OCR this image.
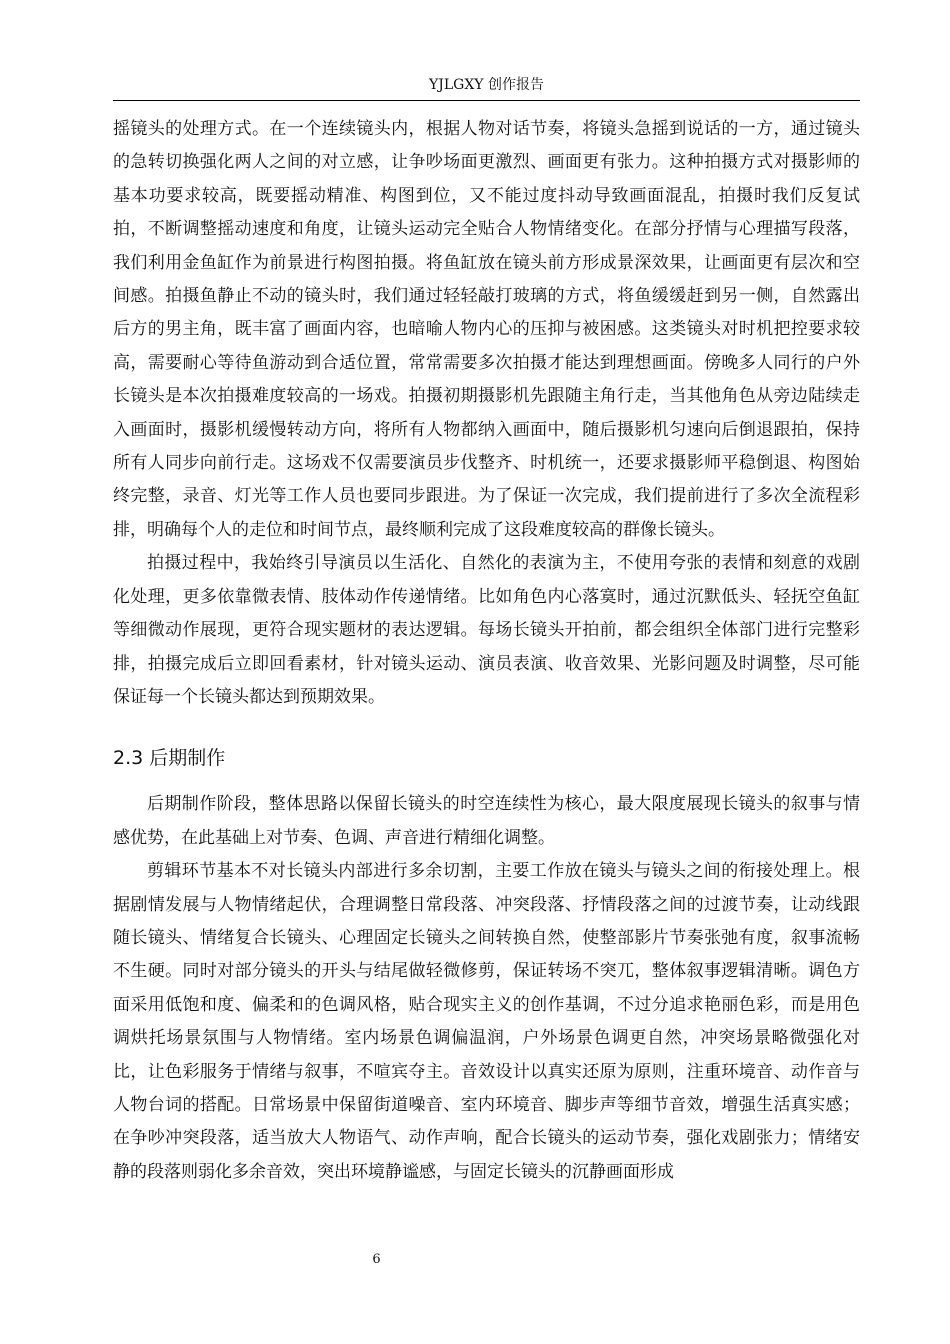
YJLGXY 创作报告

摇镜头的处理方式。在一个连续镜头内，根据人物对话节奏，将镜头急摇到说话的一方，通过镜头的急转切换强化两人之间的对立感，让争吵场面更激烈、画面更有张力。这种拍摄方式对摄影师的基本功要求较高，既要摇动精准、构图到位，又不能过度抖动导致画面混乱，拍摄时我们反复试拍，不断调整摇动速度和角度，让镜头运动完全贴合人物情绪变化。在部分抒情与心理描写段落，我们利用金鱼缸作为前景进行构图拍摄。将鱼缸放在镜头前方形成景深效果，让画面更有层次和空间感。拍摄鱼静止不动的镜头时，我们通过轻轻敲打玻璃的方式，将鱼缓缓赶到另一侧，自然露出后方的男主角，既丰富了画面内容，也暗喻人物内心的压抑与被困感。这类镜头对时机把控要求较高，需要耐心等待鱼游动到合适位置，常常需要多次拍摄才能达到理想画面。傍晚多人同行的户外长镜头是本次拍摄难度较高的一场戏。拍摄初期摄影机先跟随主角行走，当其他角色从旁边陆续走入画面时，摄影机缓慢转动方向，将所有人物都纳入画面中，随后摄影机匀速向后倒退跟拍，保持所有人同步向前行走。这场戏不仅需要演员步伐整齐、时机统一，还要求摄影师平稳倒退、构图始终完整，录音、灯光等工作人员也要同步跟进。为了保证一次完成，我们提前进行了多次全流程彩排，明确每个人的走位和时间节点，最终顺利完成了这段难度较高的群像长镜头。

拍摄过程中，我始终引导演员以生活化、自然化的表演为主，不使用夸张的表情和刻意的戏剧化处理，更多依靠微表情、肢体动作传递情绪。比如角色内心落寞时，通过沉默低头、轻抚空鱼缸等细微动作展现，更符合现实题材的表达逻辑。每场长镜头开拍前，都会组织全体部门进行完整彩排，拍摄完成后立即回看素材，针对镜头运动、演员表演、收音效果、光影问题及时调整，尽可能保证每一个长镜头都达到预期效果。

2.3 后期制作

后期制作阶段，整体思路以保留长镜头的时空连续性为核心，最大限度展现长镜头的叙事与情感优势，在此基础上对节奏、色调、声音进行精细化调整。

剪辑环节基本不对长镜头内部进行多余切割，主要工作放在镜头与镜头之间的衔接处理上。根据剧情发展与人物情绪起伏，合理调整日常段落、冲突段落、抒情段落之间的过渡节奏，让动线跟随长镜头、情绪复合长镜头、心理固定长镜头之间转换自然，使整部影片节奏张弛有度，叙事流畅不生硬。同时对部分镜头的开头与结尾做轻微修剪，保证转场不突兀，整体叙事逻辑清晰。调色方面采用低饱和度、偏柔和的色调风格，贴合现实主义的创作基调，不过分追求艳丽色彩，而是用色调烘托场景氛围与人物情绪。室内场景色调偏温润，户外场景色调更自然，冲突场景略微强化对比，让色彩服务于情绪与叙事，不喧宾夺主。音效设计以真实还原为原则，注重环境音、动作音与人物台词的搭配。日常场景中保留街道噪音、室内环境音、脚步声等细节音效，增强生活真实感；在争吵冲突段落，适当放大人物语气、动作声响，配合长镜头的运动节奏，强化戏剧张力；情绪安静的段落则弱化多余音效，突出环境静谧感，与固定长镜头的沉静画面形成

6
